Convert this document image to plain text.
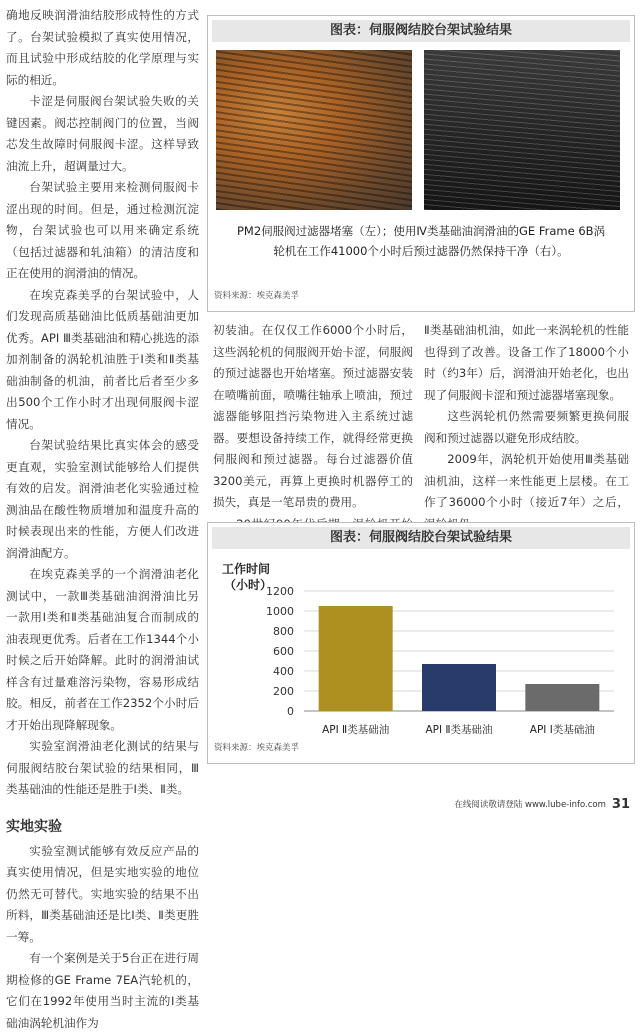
确地反映润滑油结胶形成特性的方式了。台架试验模拟了真实使用情况，而且试验中形成结胶的化学原理与实际的相近。

卡涩是伺服阀台架试验失败的关键因素。阀芯控制阀门的位置，当阀芯发生故障时伺服阀卡涩。这样导致油流上升，超调量过大。

台架试验主要用来检测伺服阀卡涩出现的时间。但是，通过检测沉淀物，台架试验也可以用来确定系统（包括过滤器和轧油箱）的清洁度和正在使用的润滑油的情况。

在埃克森美孚的台架试验中，人们发现高质基础油比低质基础油更加优秀。API Ⅲ类基础油和精心挑选的添加剂制备的涡轮机油胜于Ⅰ类和Ⅱ类基础油制备的机油，前者比后者至少多出500个工作小时才出现伺服阀卡涩情况。

台架试验结果比真实体会的感受更直观，实验室测试能够给人们提供有效的启发。润滑油老化实验通过检测油品在酸性物质增加和温度升高的时候表现出来的性能，方便人们改进润滑油配方。

在埃克森美孚的一个润滑油老化测试中，一款Ⅲ类基础油润滑油比另一款用Ⅰ类和Ⅱ类基础油复合而制成的油表现更优秀。后者在工作1344个小时候之后开始降解。此时的润滑油试样含有过量难溶污染物，容易形成结胶。相反，前者在工作2352个小时后才开始出现降解现象。

实验室润滑油老化测试的结果与伺服阀结胶台架试验的结果相同，Ⅲ类基础油的性能还是胜于Ⅰ类、Ⅱ类。

实地实验

实验室测试能够有效反应产品的真实使用情况，但是实地实验的地位仍然无可替代。实地实验的结果不出所料，Ⅲ类基础油还是比Ⅰ类、Ⅱ类更胜一筹。

有一个案例是关于5台正在进行周期检修的GE Frame 7EA汽轮机的，它们在1992年使用当时主流的Ⅰ类基础油涡轮机油作为

图表：伺服阀结胶台架试验结果
PM2伺服阀过滤器堵塞（左）；使用Ⅳ类基础油润滑油的GE Frame 6B涡
轮机在工作41000个小时后预过滤器仍然保持干净（右）。
资料来源：埃克森美孚

初装油。在仅仅工作6000个小时后，这些涡轮机的伺服阀开始卡涩，伺服阀的预过滤器也开始堵塞。预过滤器安装在喷嘴前面，喷嘴往轴承上喷油，预过滤器能够阻挡污染物进入主系统过滤器。要想设备持续工作，就得经常更换伺服阀和预过滤器。每台过滤器价值3200美元，再算上更换时机器停工的损失，真是一笔昂贵的费用。

Ⅱ类基础油机油，如此一来涡轮机的性能也得到了改善。设备工作了18000个小时（约3年）后，润滑油开始老化，也出现了伺服阀卡涩和预过滤器堵塞现象。

这些涡轮机仍然需要频繁更换伺服阀和预过滤器以避免形成结胶。

2009年，涡轮机开始使用Ⅲ类基础油机油，这样一来性能更上层楼。在工作了36000个小时（接近7年）之后，

图表：伺服阀结胶台架试验结果
工作时间
（小时）
0
200
400
600
800
1000
1200
API Ⅱ类基础油	API Ⅱ类基础油	API Ⅰ类基础油
资料来源：埃克森美孚
在线阅读敬请登陆 www.lube-info.com 31
